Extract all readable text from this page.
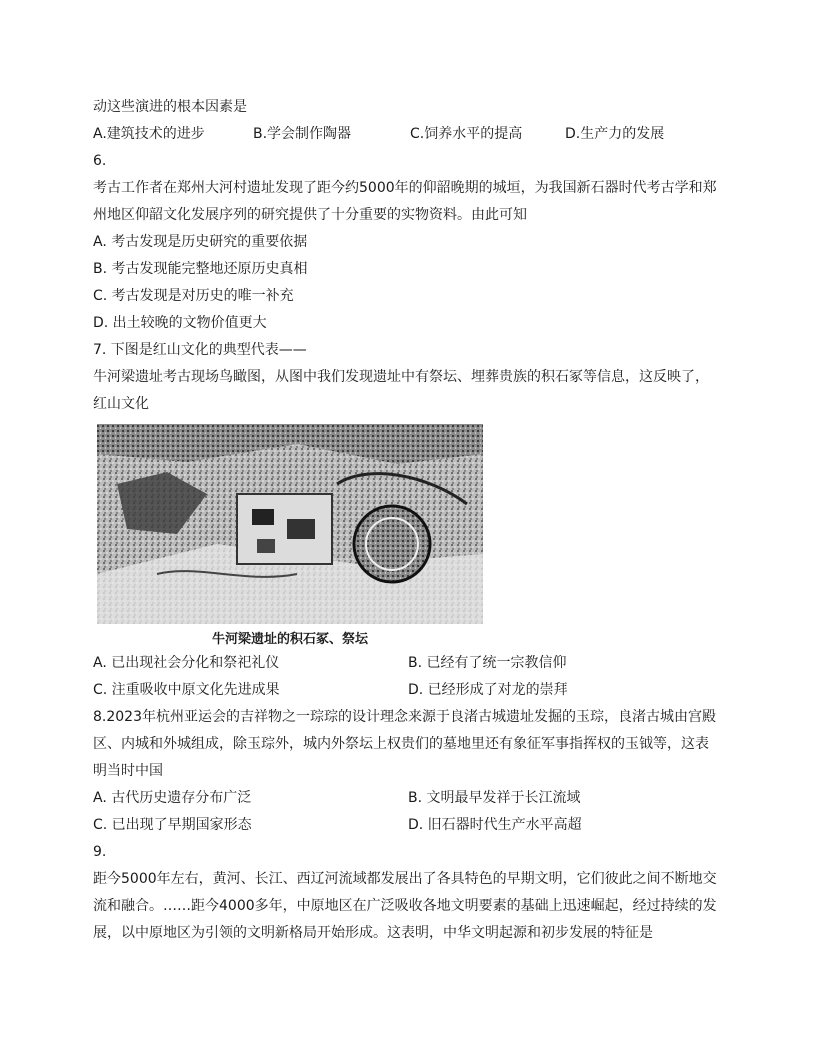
动这些演进的根本因素是
A.建筑技术的进步	B.学会制作陶器	C.饲养水平的提高	D.生产力的发展
6.
考古工作者在郑州大河村遗址发现了距今约5000年的仰韶晚期的城垣，为我国新石器时代考古学和郑
州地区仰韶文化发展序列的研究提供了十分重要的实物资料。由此可知
A. 考古发现是历史研究的重要依据
B. 考古发现能完整地还原历史真相
C. 考古发现是对历史的唯一补充
D. 出土较晚的文物价值更大
7. 下图是红山文化的典型代表——
牛河梁遗址考古现场鸟瞰图，从图中我们发现遗址中有祭坛、埋葬贵族的积石冢等信息，这反映了，
红山文化
牛河梁遗址的积石冢、祭坛
A. 已出现社会分化和祭祀礼仪	B. 已经有了统一宗教信仰
C. 注重吸收中原文化先进成果	D. 已经形成了对龙的崇拜
8.2023年杭州亚运会的吉祥物之一琮琮的设计理念来源于良渚古城遗址发掘的玉琮，良渚古城由宫殿
区、内城和外城组成，除玉琮外，城内外祭坛上权贵们的墓地里还有象征军事指挥权的玉钺等，这表
明当时中国
A. 古代历史遗存分布广泛	B. 文明最早发祥于长江流域
C. 已出现了早期国家形态	D. 旧石器时代生产水平高超
9.
距今5000年左右，黄河、长江、西辽河流域都发展出了各具特色的早期文明，它们彼此之间不断地交
流和融合。……距今4000多年，中原地区在广泛吸收各地文明要素的基础上迅速崛起，经过持续的发
展，以中原地区为引领的文明新格局开始形成。这表明，中华文明起源和初步发展的特征是
